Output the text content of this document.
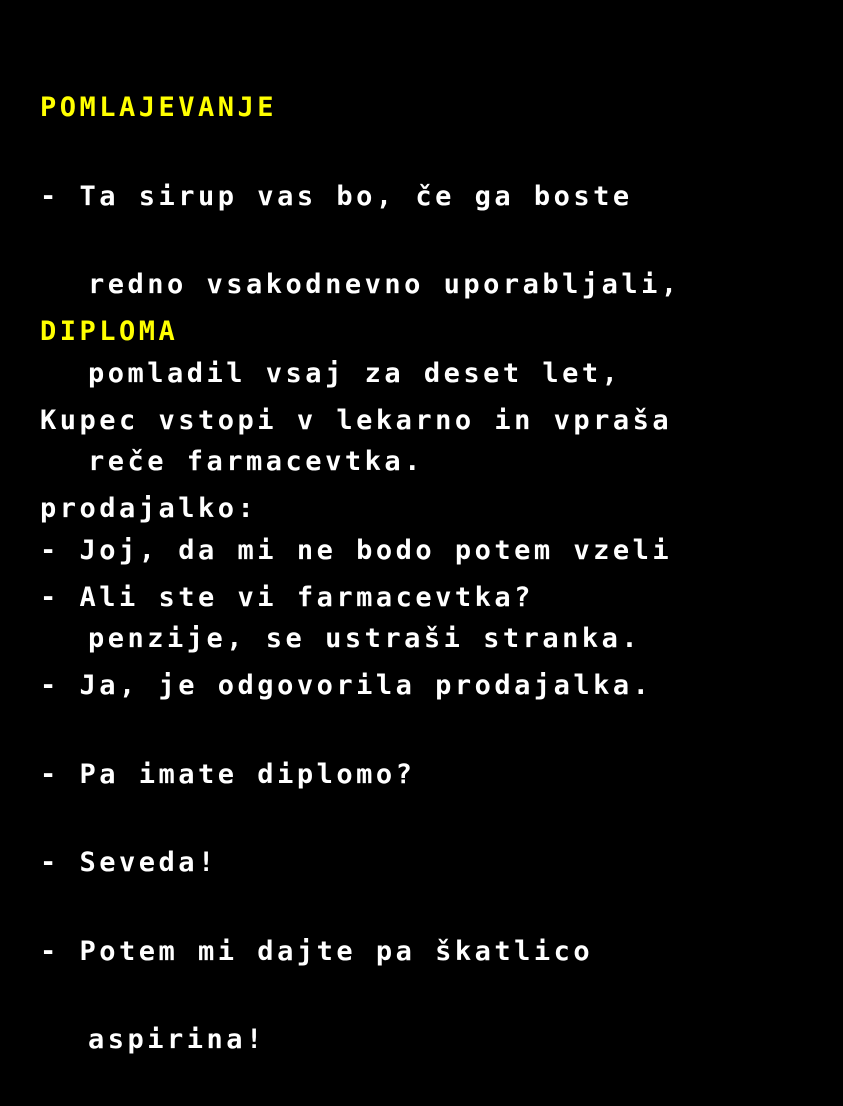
POMLAJEVANJE

- Ta sirup vas bo, če ga boste

redno vsakodnevno uporabljali,

pomladil vsaj za deset let,

reče farmacevtka.

- Joj, da mi ne bodo potem vzeli

penzije, se ustraši stranka.

DIPLOMA

Kupec vstopi v lekarno in vpraša

prodajalko:

- Ali ste vi farmacevtka?

- Ja, je odgovorila prodajalka.

- Pa imate diplomo?

- Seveda!

- Potem mi dajte pa škatlico

aspirina!
